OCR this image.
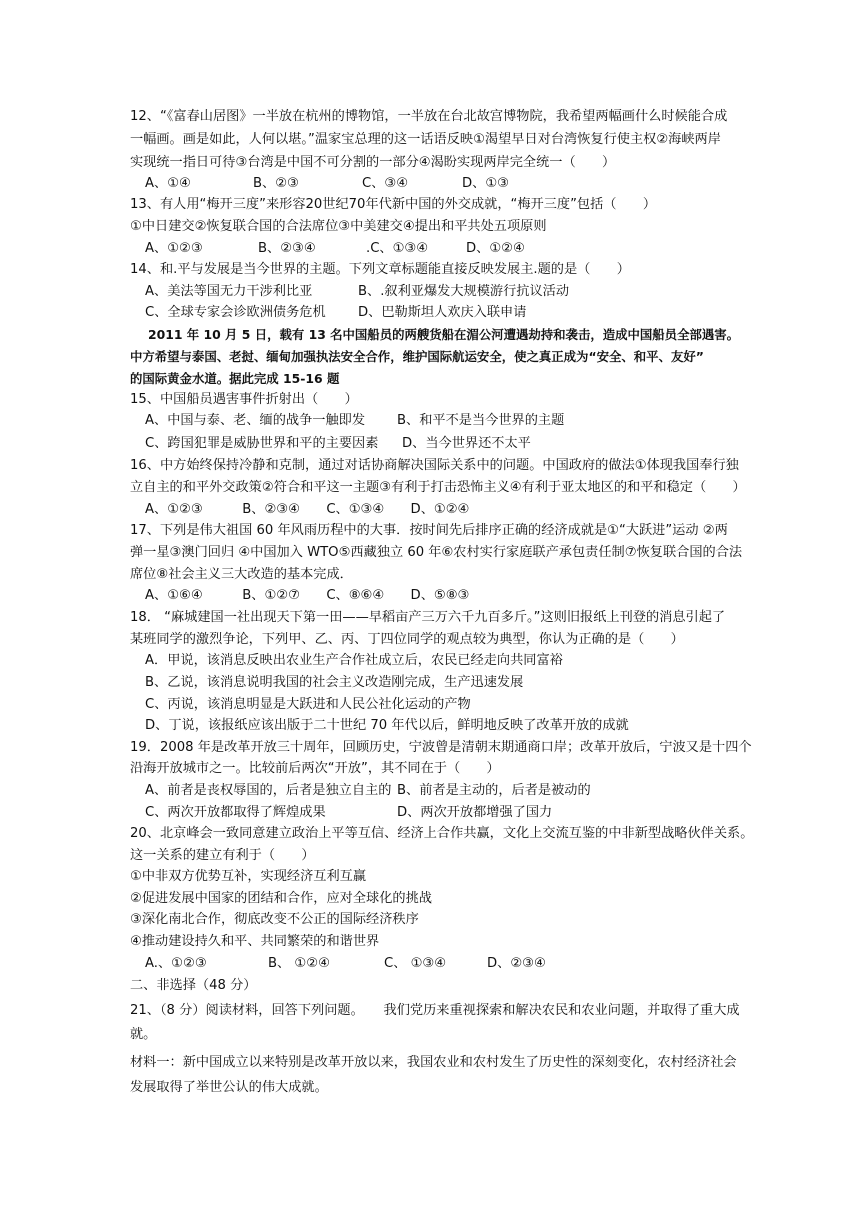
12、“《富春山居图》一半放在杭州的博物馆，一半放在台北故宫博物院，我希望两幅画什么时候能合成
一幅画。画是如此，人何以堪。”温家宝总理的这一话语反映①渴望早日对台湾恢复行使主权②海峡两岸
实现统一指日可待③台湾是中国不可分割的一部分④渴盼实现两岸完全统一（　　）
A、①④	B、②③	C、③④	D、①③
13、有人用“梅开三度”来形容20世纪70年代新中国的外交成就，“梅开三度”包括（　　）
①中日建交②恢复联合国的合法席位③中美建交④提出和平共处五项原则
A、①②③	B、②③④	.C、①③④	D、①②④
14、和.平与发展是当今世界的主题。下列文章标题能直接反映发展主.题的是（　　）
A、美法等国无力干涉利比亚	B、.叙利亚爆发大规模游行抗议活动
C、全球专家会诊欧洲债务危机 D、巴勒斯坦人欢庆入联申请
2011 年 10 月 5 日，载有 13 名中国船员的两艘货船在湄公河遭遇劫持和袭击，造成中国船员全部遇害。
中方希望与泰国、老挝、缅甸加强执法安全合作，维护国际航运安全，使之真正成为“安全、和平、友好”
的国际黄金水道。据此完成 15-16 题
15、中国船员遇害事件折射出（　　）
A、中国与泰、老、缅的战争一触即发 B、和平不是当今世界的主题
C、跨国犯罪是威胁世界和平的主要因素 D、当今世界还不太平
16、中方始终保持冷静和克制，通过对话协商解决国际关系中的问题。中国政府的做法①体现我国奉行独
立自主的和平外交政策②符合和平这一主题③有利于打击恐怖主义④有利于亚太地区的和平和稳定（　　）
A、①②③　　　B、②③④　　C、①③④　　D、①②④
17、下列是伟大祖国 60 年风雨历程中的大事．按时间先后排序正确的经济成就是①“大跃进”运动 ②两
弹一星③澳门回归 ④中国加入 WTO⑤西藏独立 60 年⑥农村实行家庭联产承包责任制⑦恢复联合国的合法
席位⑧社会主义三大改造的基本完成．
A、①⑥④　　　B、①②⑦　　C、⑧⑥④　　D、⑤⑧③
18． “麻城建国一社出现天下第一田——早稻亩产三万六千九百多斤。”这则旧报纸上刊登的消息引起了
某班同学的激烈争论，下列甲、乙、丙、丁四位同学的观点较为典型，你认为正确的是（　　）
A．甲说，该消息反映出农业生产合作社成立后，农民已经走向共同富裕
B、乙说，该消息说明我国的社会主义改造刚完成，生产迅速发展
C、丙说，该消息明显是大跃进和人民公社化运动的产物
D、丁说，该报纸应该出版于二十世纪 70 年代以后，鲜明地反映了改革开放的成就
19．2008 年是改革开放三十周年，回顾历史，宁波曾是清朝末期通商口岸；改革开放后，宁波又是十四个
沿海开放城市之一。比较前后两次“开放”，其不同在于（　　）
A、前者是丧权辱国的，后者是独立自主的 B、前者是主动的，后者是被动的
C、两次开放都取得了辉煌成果	D、两次开放都增强了国力
20、北京峰会一致同意建立政治上平等互信、经济上合作共赢，文化上交流互鉴的中非新型战略伙伴关系。
这一关系的建立有利于（　　）
①中非双方优势互补，实现经济互利互赢
②促进发展中国家的团结和合作，应对全球化的挑战
③深化南北合作，彻底改变不公正的国际经济秩序
④推动建设持久和平、共同繁荣的和谐世界
A.、①②③	B、 ①②④	C、 ①③④	D、②③④
二、非选择（48 分）
21、（8 分）阅读材料，回答下列问题。　　我们党历来重视探索和解决农民和农业问题，并取得了重大成
就。
材料一：新中国成立以来特别是改革开放以来，我国农业和农村发生了历史性的深刻变化，农村经济社会
发展取得了举世公认的伟大成就。
